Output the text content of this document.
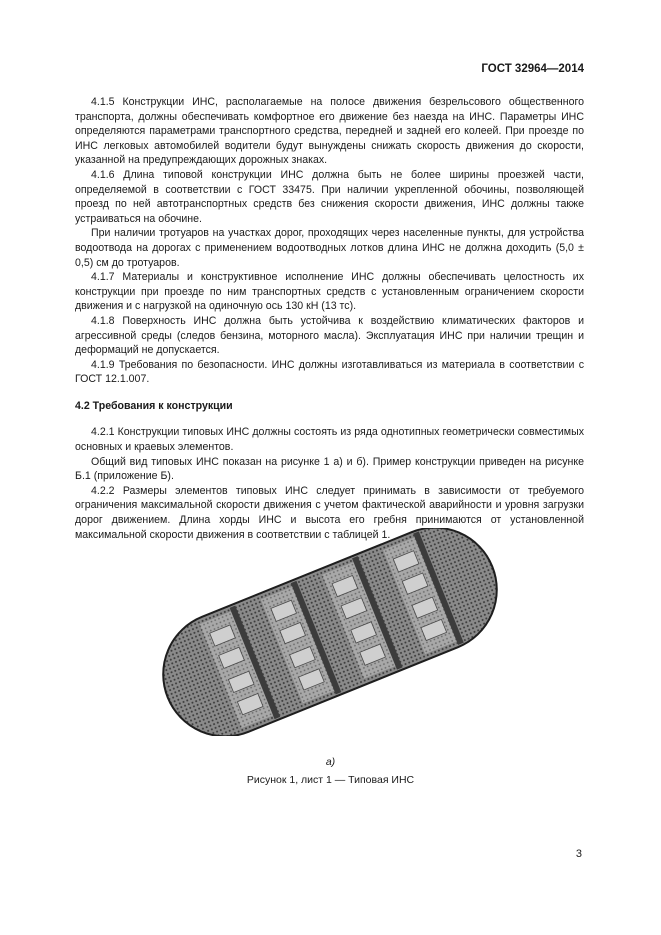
ГОСТ 32964—2014

4.1.5 Конструкции ИНС, располагаемые на полосе движения безрельсового общественного транспорта, должны обеспечивать комфортное его движение без наезда на ИНС. Параметры ИНС определяются параметрами транспортного средства, передней и задней его колеей. При проезде по ИНС легковых автомобилей водители будут вынуждены снижать скорость движения до скорости, указанной на предупреждающих дорожных знаках.

4.1.6 Длина типовой конструкции ИНС должна быть не более ширины проезжей части, определяемой в соответствии с ГОСТ 33475. При наличии укрепленной обочины, позволяющей проезд по ней автотранспортных средств без снижения скорости движения, ИНС должны также устраиваться на обочине.

При наличии тротуаров на участках дорог, проходящих через населенные пункты, для устройства водоотвода на дорогах с применением водоотводных лотков длина ИНС не должна доходить (5,0 ± 0,5) см до тротуаров.

4.1.7 Материалы и конструктивное исполнение ИНС должны обеспечивать целостность их конструкции при проезде по ним транспортных средств с установленным ограничением скорости движения и с нагрузкой на одиночную ось 130 кН (13 тс).

4.1.8 Поверхность ИНС должна быть устойчива к воздействию климатических факторов и агрессивной среды (следов бензина, моторного масла). Эксплуатация ИНС при наличии трещин и деформаций не допускается.

4.1.9 Требования по безопасности. ИНС должны изготавливаться из материала в соответствии с ГОСТ 12.1.007.

4.2 Требования к конструкции

4.2.1 Конструкции типовых ИНС должны состоять из ряда однотипных геометрически совместимых основных и краевых элементов.

Общий вид типовых ИНС показан на рисунке 1 а) и б). Пример конструкции приведен на рисунке Б.1 (приложение Б).

4.2.2 Размеры элементов типовых ИНС следует принимать в зависимости от требуемого ограничения максимальной скорости движения с учетом фактической аварийности и уровня загрузки дорог движением. Длина хорды ИНС и высота его гребня принимаются от установленной максимальной скорости движения в соответствии с таблицей 1.

а)
Рисунок 1, лист 1 — Типовая ИНС
3
